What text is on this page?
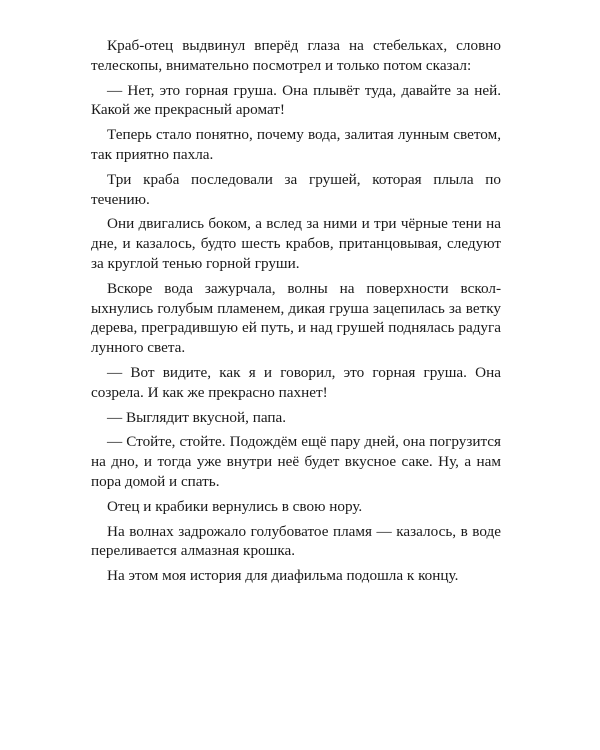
Краб-отец выдвинул вперёд глаза на стебельках, словно телескопы, внимательно посмотрел и только потом сказал:

— Нет, это горная груша. Она плывёт туда, давайте за ней. Какой же прекрасный аромат!

Теперь стало понятно, почему вода, залитая лунным светом, так приятно пахла.

Три краба последовали за грушей, которая плыла по течению.

Они двигались боком, а вслед за ними и три чёрные тени на дне, и казалось, будто шесть крабов, пританцовывая, следуют за круглой тенью горной груши.

Вскоре вода зажурчала, волны на поверхности всколыхнулись голубым пламенем, дикая груша зацепилась за ветку дерева, преградившую ей путь, и над грушей поднялась радуга лунного света.

— Вот видите, как я и говорил, это горная груша. Она созрела. И как же прекрасно пахнет!

— Выглядит вкусной, папа.

— Стойте, стойте. Подождём ещё пару дней, она погрузится на дно, и тогда уже внутри неё будет вкусное саке. Ну, а нам пора домой и спать.

Отец и крабики вернулись в свою нору.

На волнах задрожало голубоватое пламя — казалось, в воде переливается алмазная крошка.

На этом моя история для диафильма подошла к концу.
